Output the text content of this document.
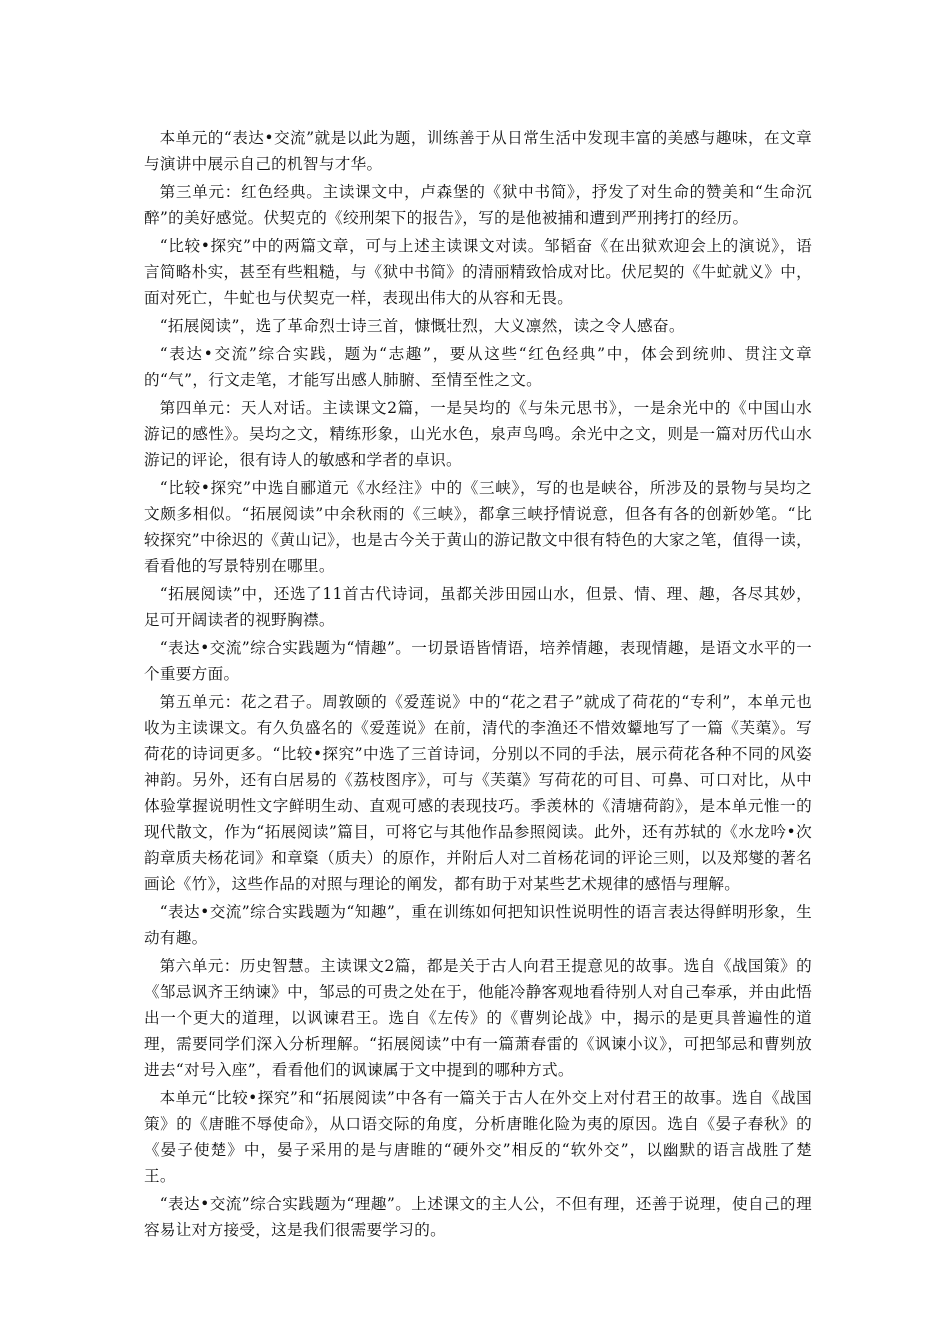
本单元的“表达•交流”就是以此为题，训练善于从日常生活中发现丰富的美感与趣味，在文章与演讲中展示自己的机智与才华。

第三单元：红色经典。主读课文中，卢森堡的《狱中书简》，抒发了对生命的赞美和“生命沉醉”的美好感觉。伏契克的《绞刑架下的报告》，写的是他被捕和遭到严刑拷打的经历。

“比较•探究”中的两篇文章，可与上述主读课文对读。邹韬奋《在出狱欢迎会上的演说》，语言简略朴实，甚至有些粗糙，与《狱中书简》的清丽精致恰成对比。伏尼契的《牛虻就义》中，面对死亡，牛虻也与伏契克一样，表现出伟大的从容和无畏。

“拓展阅读”，选了革命烈士诗三首，慷慨壮烈，大义凛然，读之令人感奋。

“表达•交流”综合实践，题为“志趣”，要从这些“红色经典”中，体会到统帅、贯注文章的“气”，行文走笔，才能写出感人肺腑、至情至性之文。

第四单元：天人对话。主读课文2篇，一是吴均的《与朱元思书》，一是余光中的《中国山水游记的感性》。吴均之文，精练形象，山光水色，泉声鸟鸣。余光中之文，则是一篇对历代山水游记的评论，很有诗人的敏感和学者的卓识。

“比较•探究”中选自郦道元《水经注》中的《三峡》，写的也是峡谷，所涉及的景物与吴均之文颇多相似。“拓展阅读”中余秋雨的《三峡》，都拿三峡抒情说意，但各有各的创新妙笔。“比较探究”中徐迟的《黄山记》，也是古今关于黄山的游记散文中很有特色的大家之笔，值得一读，看看他的写景特别在哪里。

“拓展阅读”中，还选了11首古代诗词，虽都关涉田园山水，但景、情、理、趣，各尽其妙，足可开阔读者的视野胸襟。

“表达•交流”综合实践题为“情趣”。一切景语皆情语，培养情趣，表现情趣，是语文水平的一个重要方面。

第五单元：花之君子。周敦颐的《爱莲说》中的“花之君子”就成了荷花的“专利”，本单元也收为主读课文。有久负盛名的《爱莲说》在前，清代的李渔还不惜效颦地写了一篇《芙蕖》。写荷花的诗词更多。“比较•探究”中选了三首诗词，分别以不同的手法，展示荷花各种不同的风姿神韵。另外，还有白居易的《荔枝图序》，可与《芙蕖》写荷花的可目、可鼻、可口对比，从中体验掌握说明性文字鲜明生动、直观可感的表现技巧。季羡林的《清塘荷韵》，是本单元惟一的现代散文，作为“拓展阅读”篇目，可将它与其他作品参照阅读。此外，还有苏轼的《水龙吟•次韵章质夫杨花词》和章楶（质夫）的原作，并附后人对二首杨花词的评论三则，以及郑燮的著名画论《竹》，这些作品的对照与理论的阐发，都有助于对某些艺术规律的感悟与理解。

“表达•交流”综合实践题为“知趣”，重在训练如何把知识性说明性的语言表达得鲜明形象，生动有趣。

第六单元：历史智慧。主读课文2篇，都是关于古人向君王提意见的故事。选自《战国策》的《邹忌讽齐王纳谏》中，邹忌的可贵之处在于，他能冷静客观地看待别人对自己奉承，并由此悟出一个更大的道理，以讽谏君王。选自《左传》的《曹刿论战》中，揭示的是更具普遍性的道理，需要同学们深入分析理解。“拓展阅读”中有一篇萧春雷的《讽谏小议》，可把邹忌和曹刿放进去“对号入座”，看看他们的讽谏属于文中提到的哪种方式。

本单元“比较•探究”和“拓展阅读”中各有一篇关于古人在外交上对付君王的故事。选自《战国策》的《唐睢不辱使命》，从口语交际的角度，分析唐睢化险为夷的原因。选自《晏子春秋》的《晏子使楚》中，晏子采用的是与唐睢的“硬外交”相反的“软外交”，以幽默的语言战胜了楚王。

“表达•交流”综合实践题为“理趣”。上述课文的主人公，不但有理，还善于说理，使自己的理容易让对方接受，这是我们很需要学习的。
